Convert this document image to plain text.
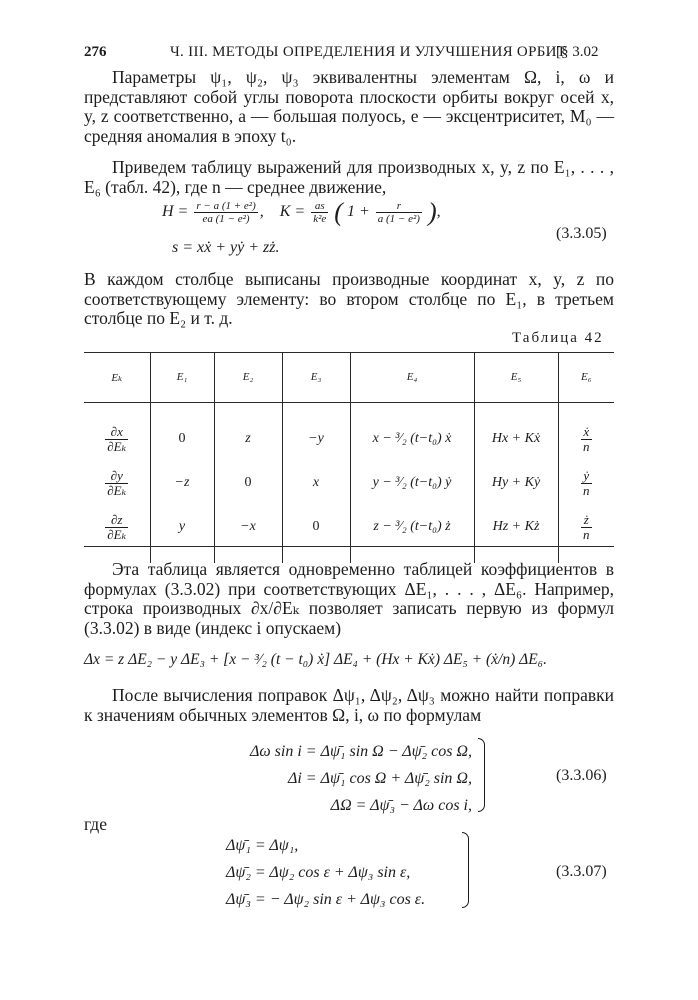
276	Ч. III. МЕТОДЫ ОПРЕДЕЛЕНИЯ И УЛУЧШЕНИЯ ОРБИТ
[§ 3.02

Параметры ψ₁, ψ₂, ψ₃ эквивалентны элементам Ω, i, ω и представляют собой углы поворота плоскости орбиты вокруг осей x, y, z соответственно, a — большая полуось, e — эксцентриситет, M₀ — средняя аномалия в эпоху t₀.

Приведем таблицу выражений для производных x, y, z по E₁, . . . , E₆ (табл. 42), где n — среднее движение,

$H = \frac{\text{r − a (1 + e²)}}{\text{ea (1 − e²)}}$ , $K = \frac{as}{\text{k²e}}$ ( $1 + \frac{r}{\text{a (1 − e²)}}$ ),
s = xẋ + yẏ + zż.
(3.3.05)

В каждом столбце выписаны производные координат x, y, z по соответствующему элементу: во втором столбце по E₁, в третьем столбце по E₂ и т. д.

Таблица 42
Eₖ	E₁	E₂	E₃	E₄	E₅	E₆

$\frac{\partial x}{\text{∂Eₖ}}$	0	z	−y	x − ³⁄₂ (t−t₀) ẋ	Hx + Kẋ	$\frac{\text{ẋ}}{n}$

$\frac{\partial y}{\text{∂Eₖ}}$	−z	0	x	y − ³⁄₂ (t−t₀) ẏ	Hy + Kẏ	$\frac{\text{ẏ}}{n}$

$\frac{\partial z}{\text{∂Eₖ}}$	y	−x	0	z − ³⁄₂ (t−t₀) ż	Hz + Kż	$\frac{ż}{n}$

Эта таблица является одновременно таблицей коэффициентов в формулах (3.3.02) при соответствующих ΔE₁, . . . , ΔE₆. Например, строка производных ∂x/∂Eₖ позволяет записать первую из формул (3.3.02) в виде (индекс i опускаем)

Δx = z ΔE₂ − y ΔE₃ + [x − ³⁄₂ (t − t₀) ẋ] ΔE₄ + (Hx + Kẋ) ΔE₅ + (ẋ/n) ΔE₆.

После вычисления поправок Δψ₁, Δψ₂, Δψ₃ можно найти поправки к значениям обычных элементов Ω, i, ω по формулам

Δω sin i = Δψ̄₁ sin Ω − Δψ̄₂ cos Ω,
Δi = Δψ̄₁ cos Ω + Δψ̄₂ sin Ω,
ΔΩ = Δψ̄₃ − Δω cos i,
(3.3.06)
где
Δψ̄₁ = Δψ₁,
Δψ̄₂ = Δψ₂ cos ε + Δψ₃ sin ε,
Δψ̄₃ = − Δψ₂ sin ε + Δψ₃ cos ε.
(3.3.07)
